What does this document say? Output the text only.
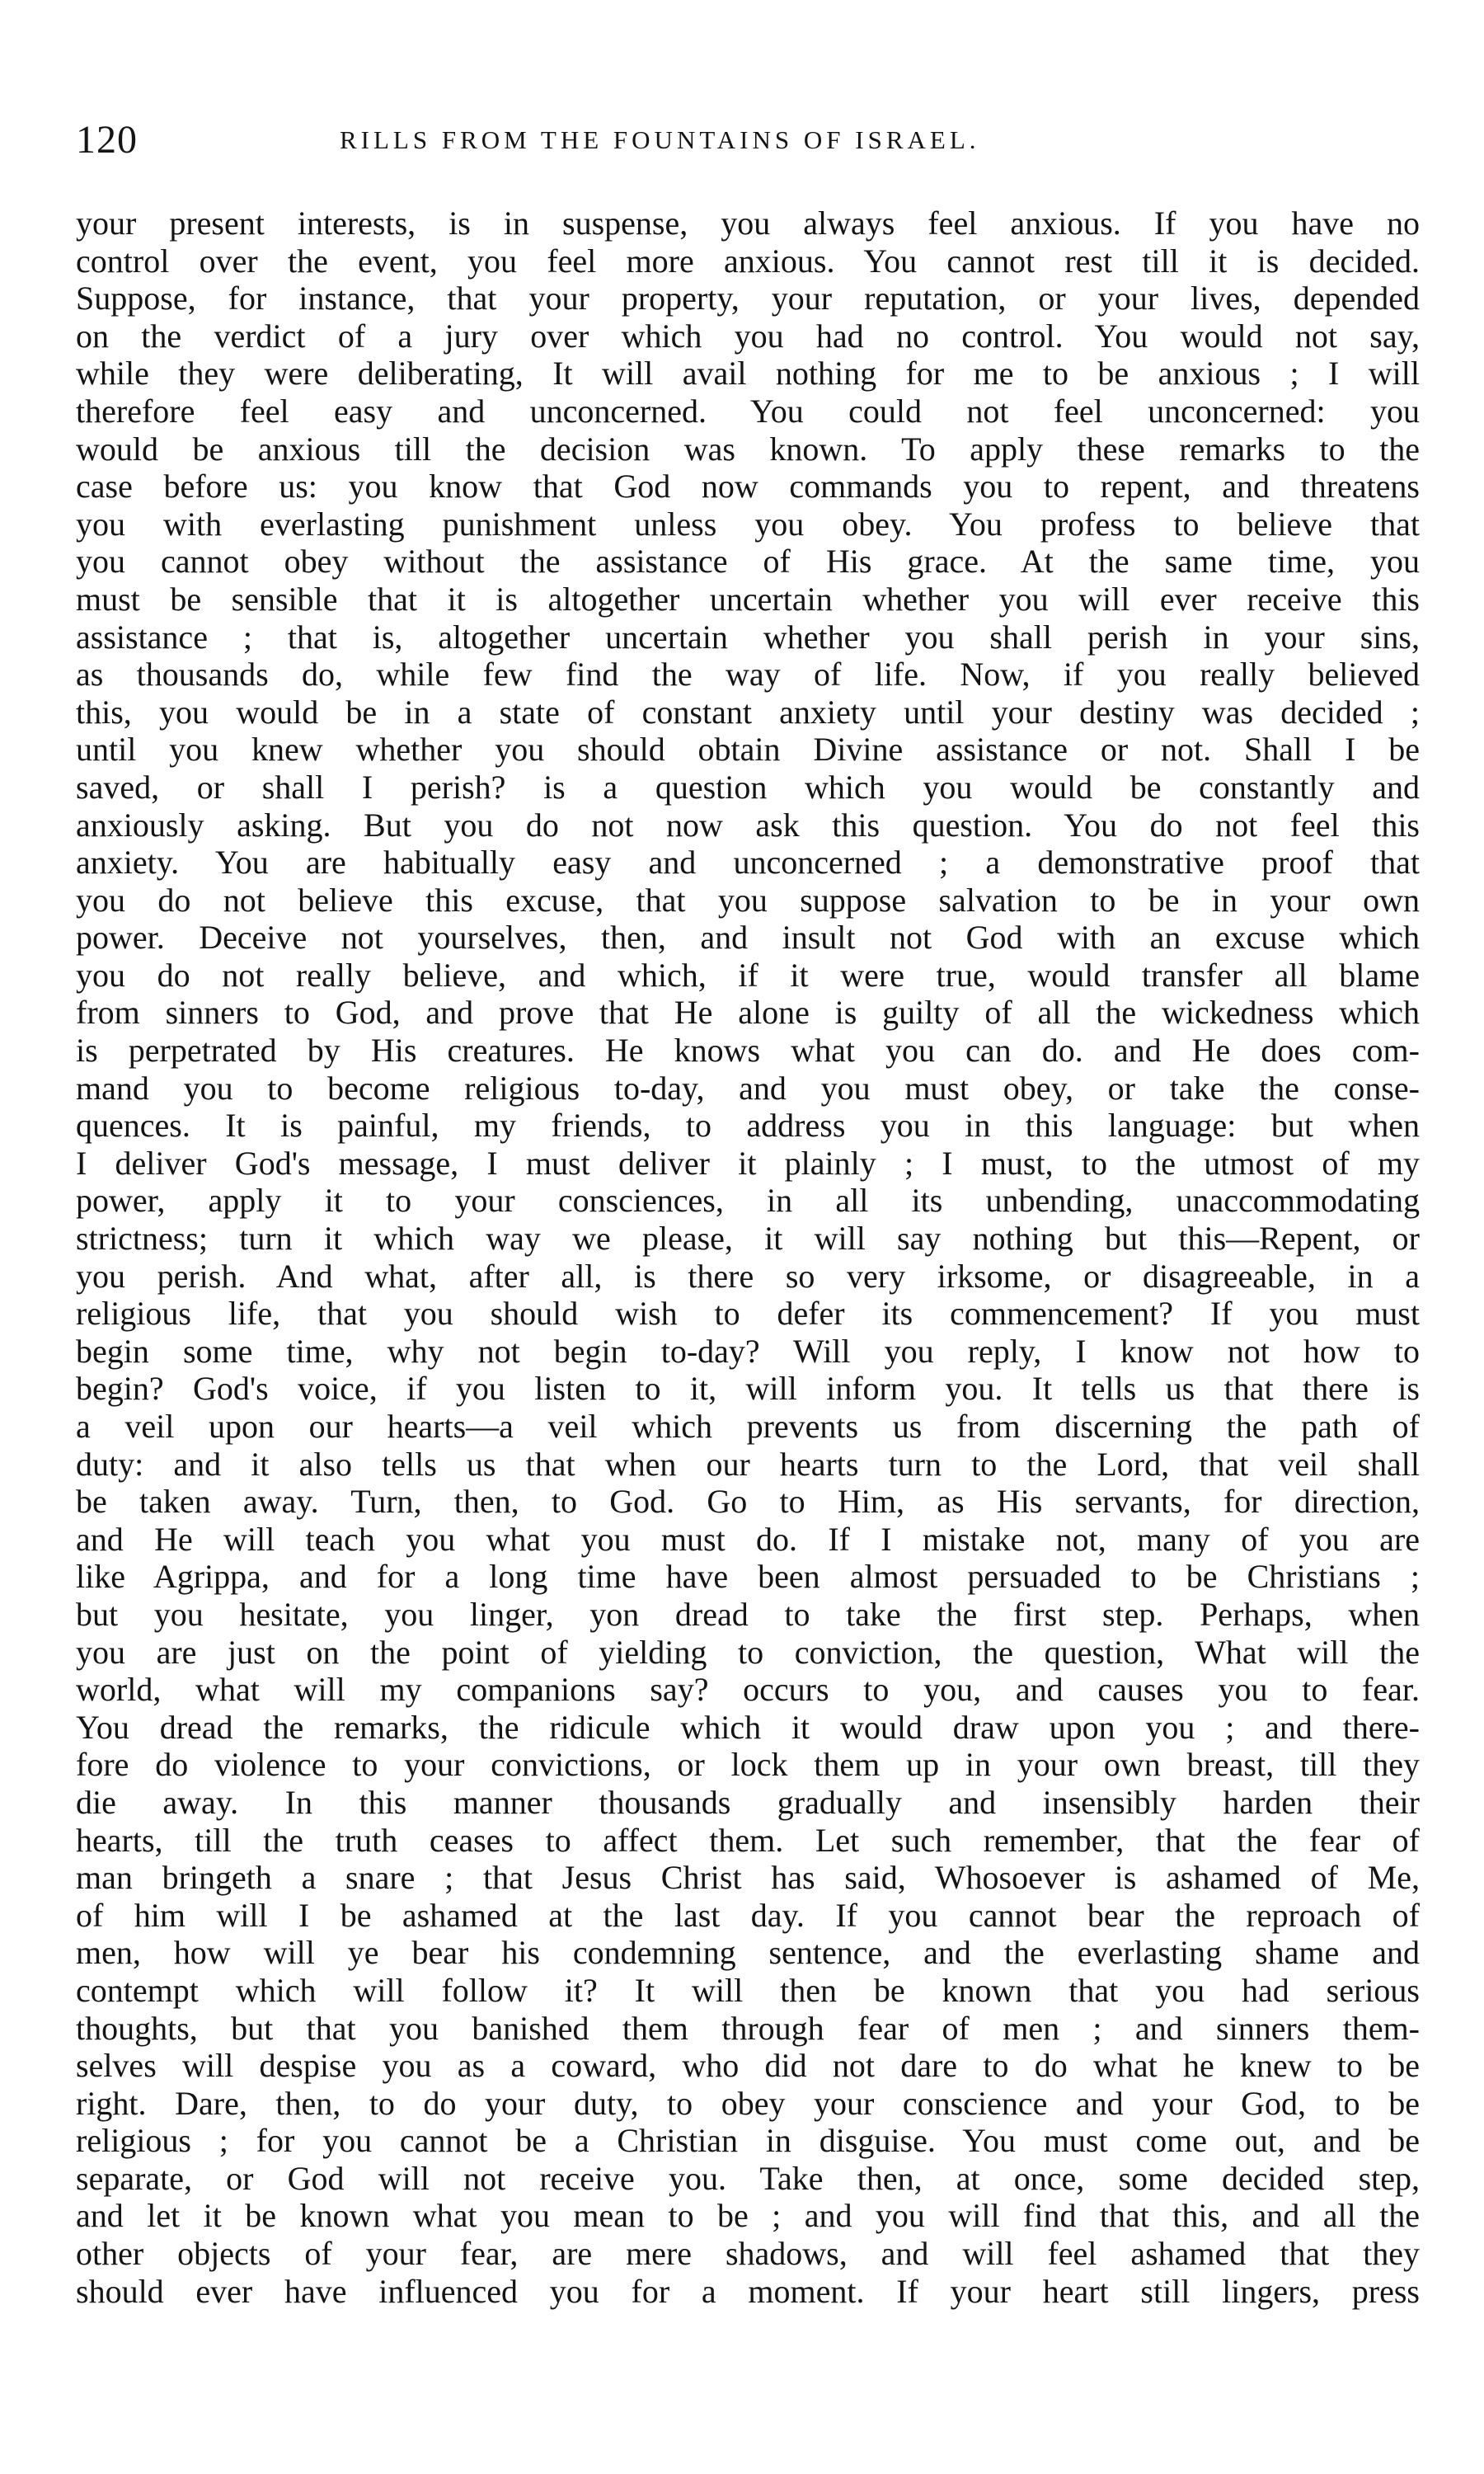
120	RILLS FROM THE FOUNTAINS OF ISRAEL.
your present interests, is in suspense, you always feel anxious. If you have no
control over the event, you feel more anxious. You cannot rest till it is decided.
Suppose, for instance, that your property, your reputation, or your lives, depended
on the verdict of a jury over which you had no control. You would not say,
while they were deliberating, It will avail nothing for me to be anxious ; I will
therefore feel easy and unconcerned. You could not feel unconcerned: you
would be anxious till the decision was known. To apply these remarks to the
case before us: you know that God now commands you to repent, and threatens
you with everlasting punishment unless you obey. You profess to believe that
you cannot obey without the assistance of His grace. At the same time, you
must be sensible that it is altogether uncertain whether you will ever receive this
assistance ; that is, altogether uncertain whether you shall perish in your sins,
as thousands do, while few find the way of life. Now, if you really believed
this, you would be in a state of constant anxiety until your destiny was decided ;
until you knew whether you should obtain Divine assistance or not. Shall I be
saved, or shall I perish? is a question which you would be constantly and
anxiously asking. But you do not now ask this question. You do not feel this
anxiety. You are habitually easy and unconcerned ; a demonstrative proof that
you do not believe this excuse, that you suppose salvation to be in your own
power. Deceive not yourselves, then, and insult not God with an excuse which
you do not really believe, and which, if it were true, would transfer all blame
from sinners to God, and prove that He alone is guilty of all the wickedness which
is perpetrated by His creatures. He knows what you can do. and He does com-
mand you to become religious to-day, and you must obey, or take the conse-
quences. It is painful, my friends, to address you in this language: but when
I deliver God's message, I must deliver it plainly ; I must, to the utmost of my
power, apply it to your consciences, in all its unbending, unaccommodating
strictness; turn it which way we please, it will say nothing but this—Repent, or
you perish. And what, after all, is there so very irksome, or disagreeable, in a
religious life, that you should wish to defer its commencement? If you must
begin some time, why not begin to-day? Will you reply, I know not how to
begin? God's voice, if you listen to it, will inform you. It tells us that there is
a veil upon our hearts—a veil which prevents us from discerning the path of
duty: and it also tells us that when our hearts turn to the Lord, that veil shall
be taken away. Turn, then, to God. Go to Him, as His servants, for direction,
and He will teach you what you must do. If I mistake not, many of you are
like Agrippa, and for a long time have been almost persuaded to be Christians ;
but you hesitate, you linger, yon dread to take the first step. Perhaps, when
you are just on the point of yielding to conviction, the question, What will the
world, what will my companions say? occurs to you, and causes you to fear.
You dread the remarks, the ridicule which it would draw upon you ; and there-
fore do violence to your convictions, or lock them up in your own breast, till they
die away. In this manner thousands gradually and insensibly harden their
hearts, till the truth ceases to affect them. Let such remember, that the fear of
man bringeth a snare ; that Jesus Christ has said, Whosoever is ashamed of Me,
of him will I be ashamed at the last day. If you cannot bear the reproach of
men, how will ye bear his condemning sentence, and the everlasting shame and
contempt which will follow it? It will then be known that you had serious
thoughts, but that you banished them through fear of men ; and sinners them-
selves will despise you as a coward, who did not dare to do what he knew to be
right. Dare, then, to do your duty, to obey your conscience and your God, to be
religious ; for you cannot be a Christian in disguise. You must come out, and be
separate, or God will not receive you. Take then, at once, some decided step,
and let it be known what you mean to be ; and you will find that this, and all the
other objects of your fear, are mere shadows, and will feel ashamed that they
should ever have influenced you for a moment. If your heart still lingers, press
